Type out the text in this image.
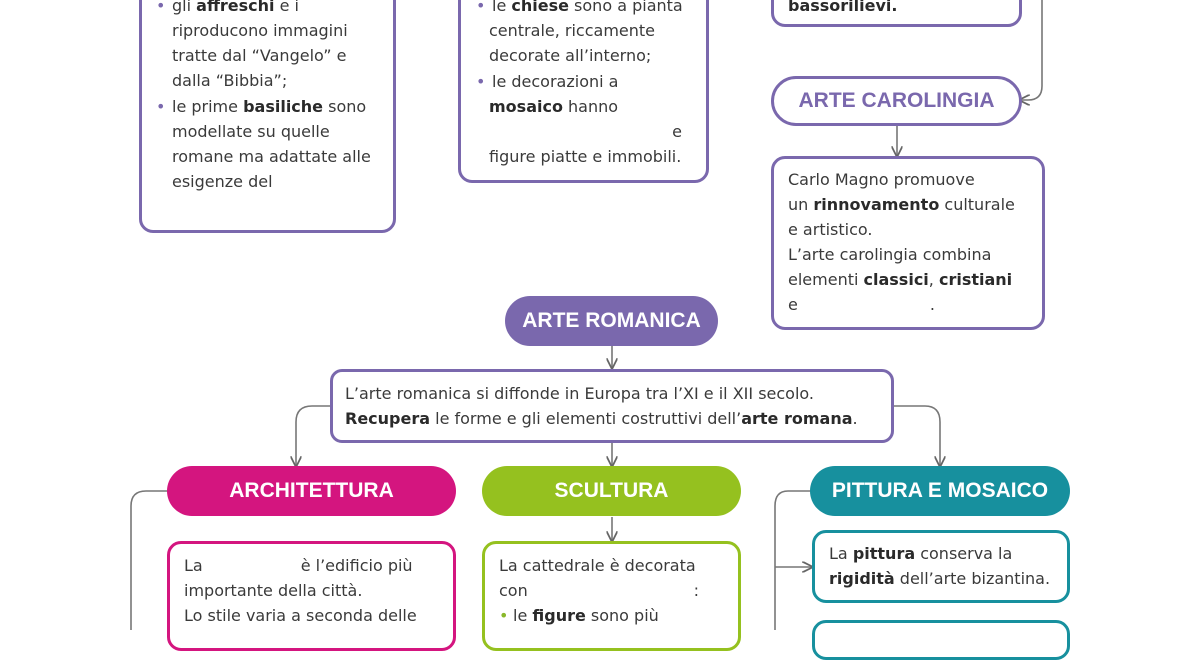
• gli affreschi e i
riproducono immagini
tratte dal “Vangelo” e
dalla “Bibbia”;
• le prime basiliche sono
modellate su quelle
romane ma adattate alle
esigenze del
• le chiese sono a pianta
centrale, riccamente
decorate all’interno;
• le decorazioni a
mosaico hanno
e
figure piatte e immobili.
bassorilievi.
ARTE CAROLINGIA
Carlo Magno promuove
un rinnovamento culturale
e artistico.
L’arte carolingia combina
elementi classici, cristiani
e	.
ARTE ROMANICA
L’arte romanica si diffonde in Europa tra l’XI e il XII secolo.
Recupera le forme e gli elementi costruttivi dell’arte romana.
ARCHITETTURA
La	è l’edificio più
importante della città.
Lo stile varia a seconda delle
SCULTURA
La cattedrale è decorata
con	:
• le figure sono più
PITTURA E MOSAICO
La pittura conserva la
rigidità dell’arte bizantina.
